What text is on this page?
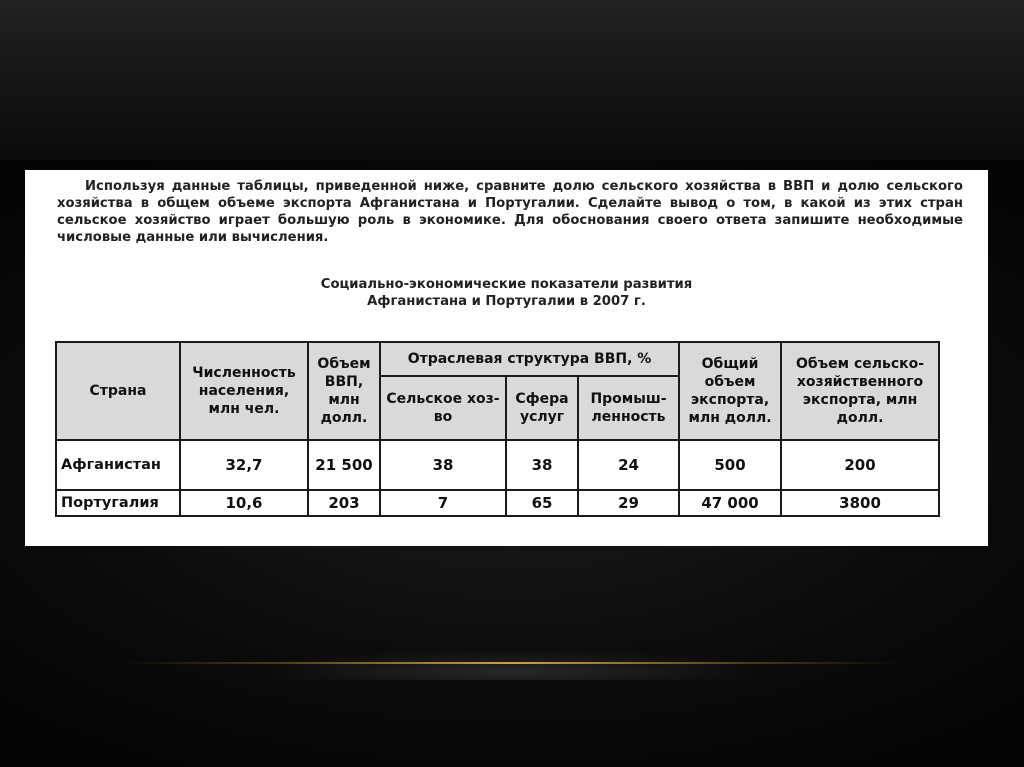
Используя данные таблицы, приведенной ниже, сравните долю сельского хозяйства в ВВП и долю сельского хозяйства в общем объеме экспорта Афганистана и Португалии. Сделайте вывод о том, в какой из этих стран сельское хозяйство играет большую роль в экономике. Для обоснования своего ответа запишите необходимые числовые данные или вычисления.

Социально-экономические показатели развития
Афганистана и Португалии в 2007 г.
Страна	Численность населения, млн чел.	Объем ВВП, млн долл.	Отраслевая структура ВВП, %			Общий объем экспорта, млн долл.	Объем сельско-хозяйственного экспорта, млн долл.
			Сельское хоз-во	Сфера услуг	Промыш-ленность		
Афганистан	32,7	21 500	38	38	24	500	200
Португалия	10,6	203	7	65	29	47 000	3800
